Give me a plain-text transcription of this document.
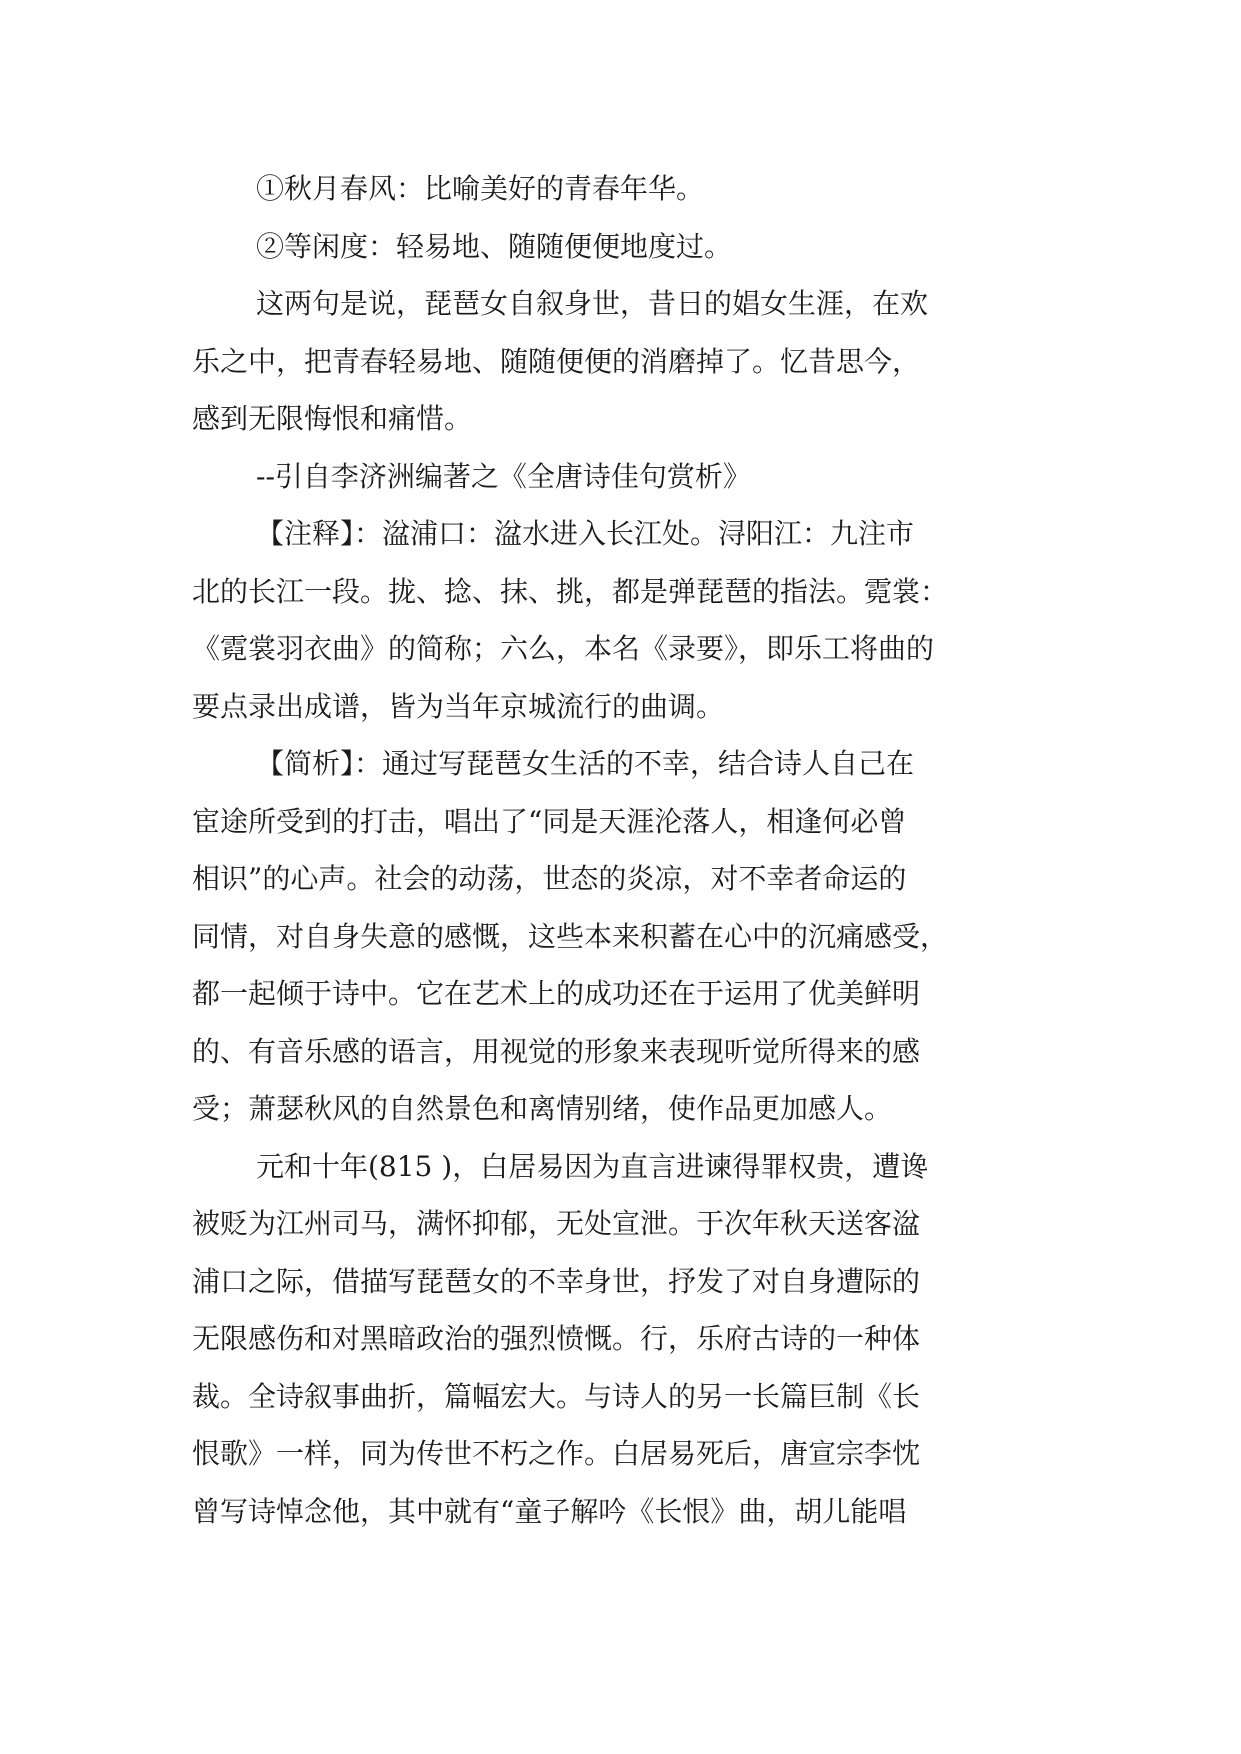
①秋月春风：比喻美好的青春年华。

②等闲度：轻易地、随随便便地度过。

这两句是说，琵琶女自叙身世，昔日的娼女生涯，在欢
乐之中，把青春轻易地、随随便便的消磨掉了。忆昔思今，
感到无限悔恨和痛惜。

--引自李济洲编著之《全唐诗佳句赏析》

【注释】：湓浦口：湓水进入长江处。浔阳江：九注市
北的长江一段。拢、捻、抹、挑，都是弹琵琶的指法。霓裳：
《霓裳羽衣曲》的简称；六么，本名《录要》，即乐工将曲的
要点录出成谱，皆为当年京城流行的曲调。

【简析】：通过写琵琶女生活的不幸，结合诗人自己在
宦途所受到的打击，唱出了“同是天涯沦落人，相逢何必曾
相识”的心声。社会的动荡，世态的炎凉，对不幸者命运的
同情，对自身失意的感慨，这些本来积蓄在心中的沉痛感受，
都一起倾于诗中。它在艺术上的成功还在于运用了优美鲜明
的、有音乐感的语言，用视觉的形象来表现听觉所得来的感
受；萧瑟秋风的自然景色和离情别绪，使作品更加感人。

元和十年(815 )，白居易因为直言进谏得罪权贵，遭谗
被贬为江州司马，满怀抑郁，无处宣泄。于次年秋天送客湓
浦口之际，借描写琵琶女的不幸身世，抒发了对自身遭际的
无限感伤和对黑暗政治的强烈愤慨。行，乐府古诗的一种体
裁。全诗叙事曲折，篇幅宏大。与诗人的另一长篇巨制《长
恨歌》一样，同为传世不朽之作。白居易死后，唐宣宗李忱
曾写诗悼念他，其中就有“童子解吟《长恨》曲，胡儿能唱
